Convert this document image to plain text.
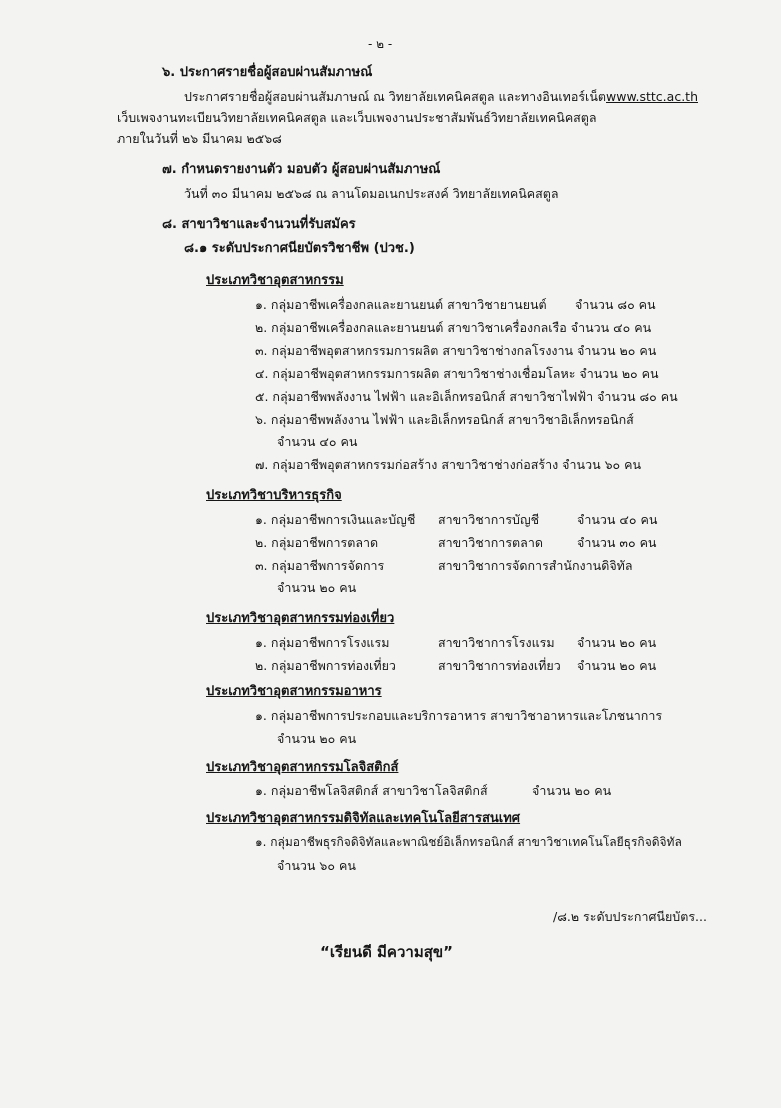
- ๒ -
๖. ประกาศรายชื่อผู้สอบผ่านสัมภาษณ์
ประกาศรายชื่อผู้สอบผ่านสัมภาษณ์ ณ วิทยาลัยเทคนิคสตูล และทางอินเทอร์เน็ตwww.sttc.ac.th
เว็บเพจงานทะเบียนวิทยาลัยเทคนิคสตูล และเว็บเพจงานประชาสัมพันธ์วิทยาลัยเทคนิคสตูล
ภายในวันที่ ๒๖ มีนาคม ๒๕๖๘
๗. กำหนดรายงานตัว มอบตัว ผู้สอบผ่านสัมภาษณ์
วันที่ ๓๐ มีนาคม ๒๕๖๘ ณ ลานโดมอเนกประสงค์ วิทยาลัยเทคนิคสตูล
๘. สาขาวิชาและจำนวนที่รับสมัคร
๘.๑ ระดับประกาศนียบัตรวิชาชีพ (ปวช.)
ประเภทวิชาอุตสาหกรรม
๑. กลุ่มอาชีพเครื่องกลและยานยนต์ สาขาวิชายานยนต์ จำนวน ๘๐ คน
๒. กลุ่มอาชีพเครื่องกลและยานยนต์ สาขาวิชาเครื่องกลเรือ จำนวน ๔๐ คน
๓. กลุ่มอาชีพอุตสาหกรรมการผลิต สาขาวิชาช่างกลโรงงาน จำนวน ๒๐ คน
๔. กลุ่มอาชีพอุตสาหกรรมการผลิต สาขาวิชาช่างเชื่อมโลหะ จำนวน ๒๐ คน
๕. กลุ่มอาชีพพลังงาน ไฟฟ้า และอิเล็กทรอนิกส์ สาขาวิชาไฟฟ้า จำนวน ๘๐ คน
๖. กลุ่มอาชีพพลังงาน ไฟฟ้า และอิเล็กทรอนิกส์ สาขาวิชาอิเล็กทรอนิกส์
จำนวน ๔๐ คน
๗. กลุ่มอาชีพอุตสาหกรรมก่อสร้าง สาขาวิชาช่างก่อสร้าง จำนวน ๖๐ คน
ประเภทวิชาบริหารธุรกิจ
๑. กลุ่มอาชีพการเงินและบัญชี สาขาวิชาการบัญชี	จำนวน ๔๐ คน
๒. กลุ่มอาชีพการตลาด	สาขาวิชาการตลาด	จำนวน ๓๐ คน
๓. กลุ่มอาชีพการจัดการ	สาขาวิชาการจัดการสำนักงานดิจิทัล
จำนวน ๒๐ คน
ประเภทวิชาอุตสาหกรรมท่องเที่ยว
๑. กลุ่มอาชีพการโรงแรม	สาขาวิชาการโรงแรม จำนวน ๒๐ คน
๒. กลุ่มอาชีพการท่องเที่ยว	สาขาวิชาการท่องเที่ยว จำนวน ๒๐ คน
ประเภทวิชาอุตสาหกรรมอาหาร
๑. กลุ่มอาชีพการประกอบและบริการอาหาร สาขาวิชาอาหารและโภชนาการ
จำนวน ๒๐ คน
ประเภทวิชาอุตสาหกรรมโลจิสติกส์
๑. กลุ่มอาชีพโลจิสติกส์ สาขาวิชาโลจิสติกส์	จำนวน ๒๐ คน
ประเภทวิชาอุตสาหกรรมดิจิทัลและเทคโนโลยีสารสนเทศ
๑. กลุ่มอาชีพธุรกิจดิจิทัลและพาณิชย์อิเล็กทรอนิกส์ สาขาวิชาเทคโนโลยีธุรกิจดิจิทัล
จำนวน ๖๐ คน
/๘.๒ ระดับประกาศนียบัตร...
“เรียนดี มีความสุข”
